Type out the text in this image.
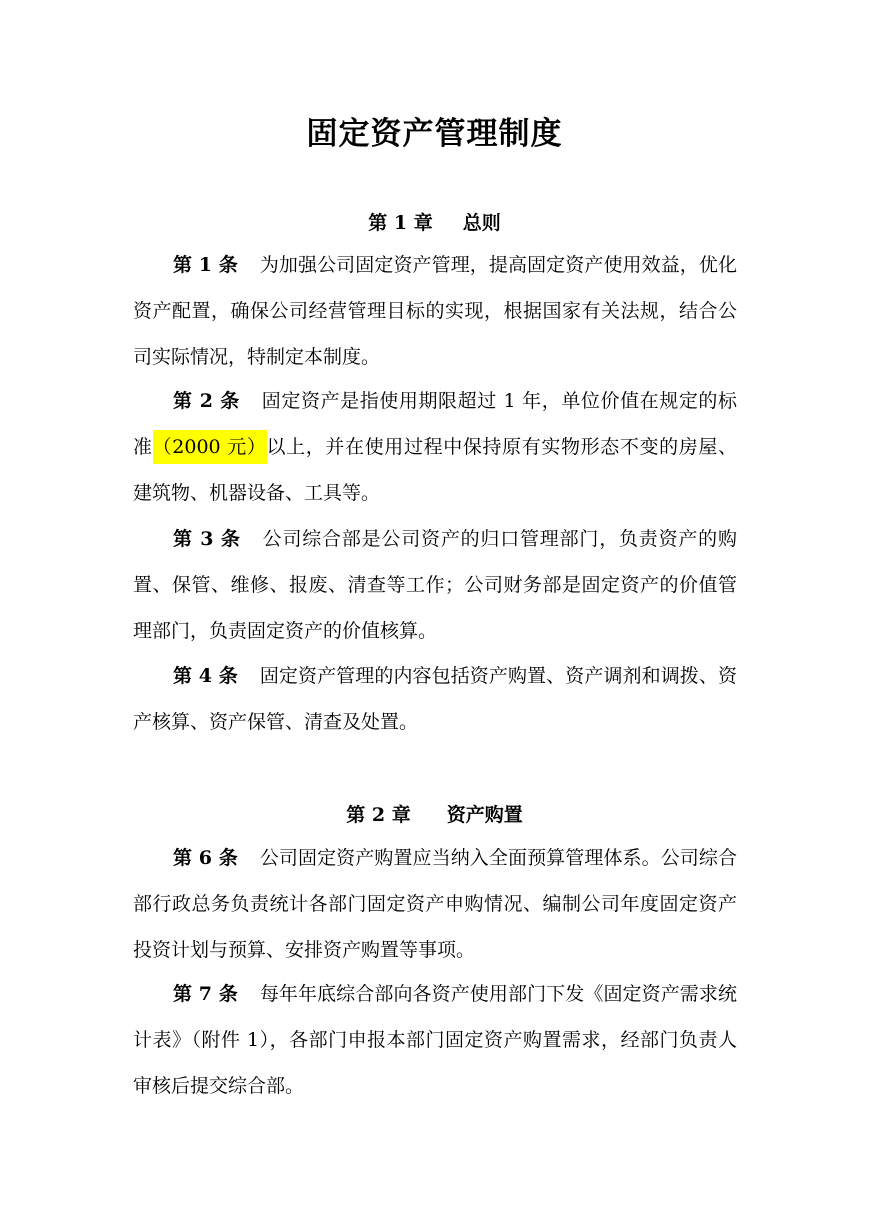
固定资产管理制度
第 1 章 总则

第 1 条 为加强公司固定资产管理，提高固定资产使用效益，优化资产配置，确保公司经营管理目标的实现，根据国家有关法规，结合公司实际情况，特制定本制度。

第 2 条 固定资产是指使用期限超过 1 年，单位价值在规定的标准（2000 元）以上，并在使用过程中保持原有实物形态不变的房屋、建筑物、机器设备、工具等。

第 3 条 公司综合部是公司资产的归口管理部门，负责资产的购置、保管、维修、报废、清查等工作；公司财务部是固定资产的价值管理部门，负责固定资产的价值核算。

第 4 条 固定资产管理的内容包括资产购置、资产调剂和调拨、资产核算、资产保管、清查及处置。

第 2 章 资产购置

第 6 条 公司固定资产购置应当纳入全面预算管理体系。公司综合部行政总务负责统计各部门固定资产申购情况、编制公司年度固定资产投资计划与预算、安排资产购置等事项。

第 7 条 每年年底综合部向各资产使用部门下发《固定资产需求统计表》（附件 1），各部门申报本部门固定资产购置需求，经部门负责人审核后提交综合部。
